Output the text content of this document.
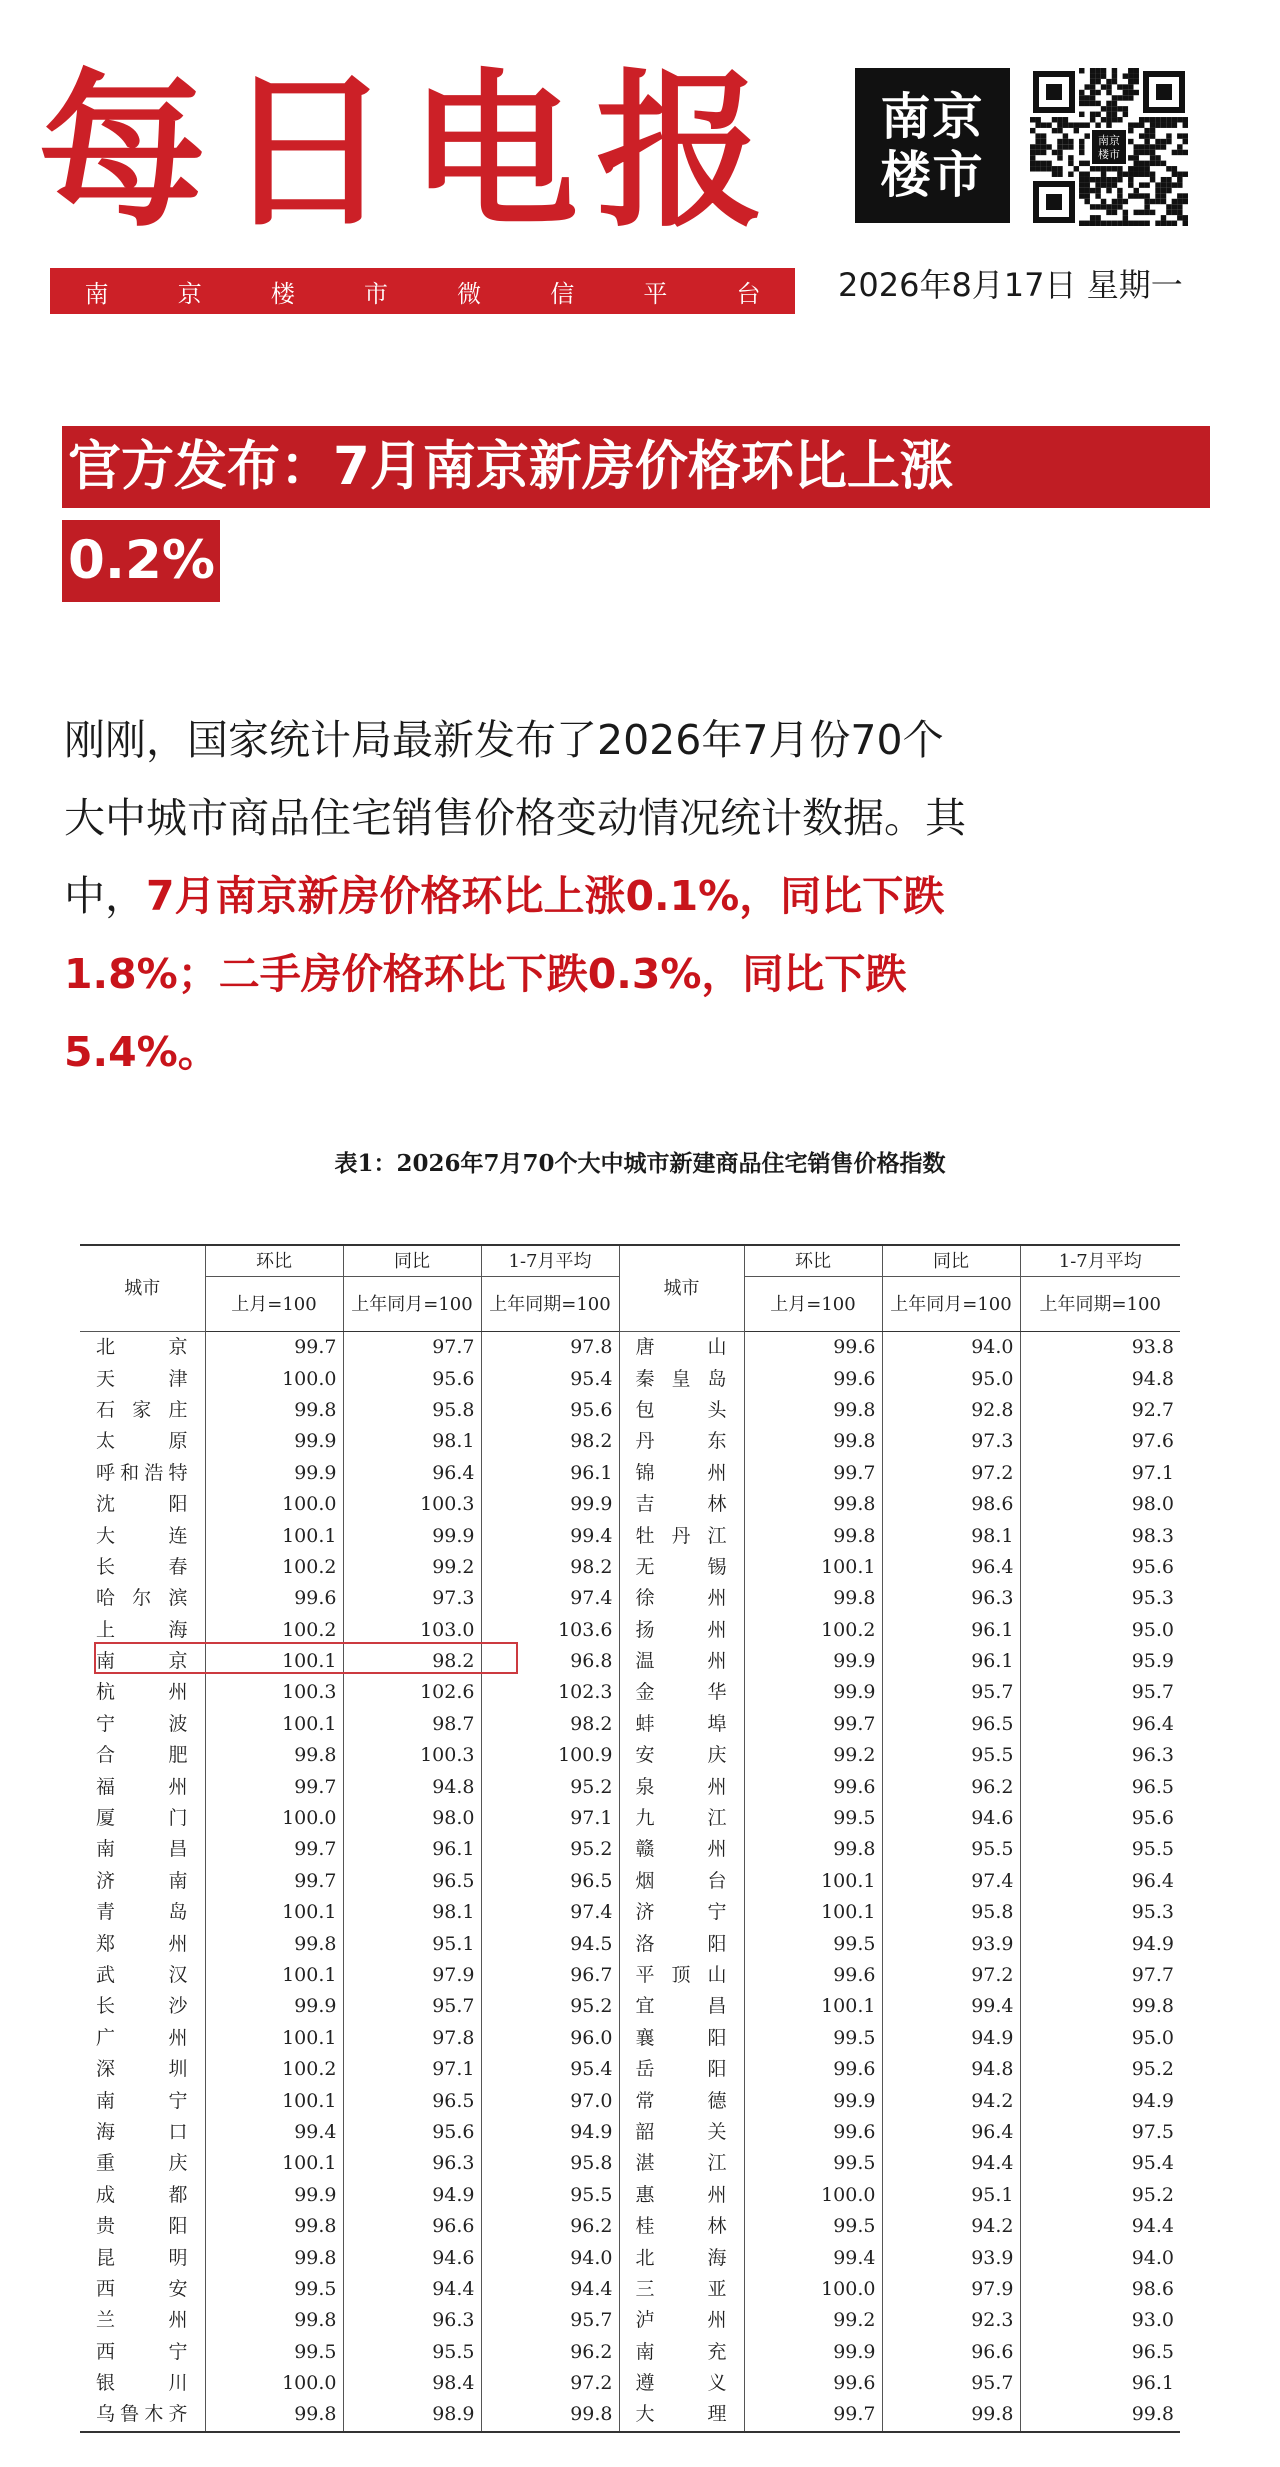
每日电报
南	京	楼	市	微	信	平	台
南京
楼市
南京
楼市
2026年8月17日 星期一
官方发布：7月南京新房价格环比上涨
0.2%
刚刚，国家统计局最新发布了2026年7月份70个
大中城市商品住宅销售价格变动情况统计数据。其
中，7月南京新房价格环比上涨0.1%，同比下跌
1.8%；二手房价格环比下跌0.3%，同比下跌
5.4%。
表1：2026年7月70个大中城市新建商品住宅销售价格指数
城市	环比	同比	1-7月平均	城市	环比	同比	1-7月平均
	上月=100	上年同月=100	上年同期=100		上月=100	上年同月=100	上年同期=100
北京	99.7	97.7	97.8	唐山	99.6	94.0	93.8
天津	100.0	95.6	95.4	秦皇岛	99.6	95.0	94.8
石家庄	99.8	95.8	95.6	包头	99.8	92.8	92.7
太原	99.9	98.1	98.2	丹东	99.8	97.3	97.6
呼和浩特	99.9	96.4	96.1	锦州	99.7	97.2	97.1
沈阳	100.0	100.3	99.9	吉林	99.8	98.6	98.0
大连	100.1	99.9	99.4	牡丹江	99.8	98.1	98.3
长春	100.2	99.2	98.2	无锡	100.1	96.4	95.6
哈尔滨	99.6	97.3	97.4	徐州	99.8	96.3	95.3
上海	100.2	103.0	103.6	扬州	100.2	96.1	95.0
南京	100.1	98.2	96.8	温州	99.9	96.1	95.9
杭州	100.3	102.6	102.3	金华	99.9	95.7	95.7
宁波	100.1	98.7	98.2	蚌埠	99.7	96.5	96.4
合肥	99.8	100.3	100.9	安庆	99.2	95.5	96.3
福州	99.7	94.8	95.2	泉州	99.6	96.2	96.5
厦门	100.0	98.0	97.1	九江	99.5	94.6	95.6
南昌	99.7	96.1	95.2	赣州	99.8	95.5	95.5
济南	99.7	96.5	96.5	烟台	100.1	97.4	96.4
青岛	100.1	98.1	97.4	济宁	100.1	95.8	95.3
郑州	99.8	95.1	94.5	洛阳	99.5	93.9	94.9
武汉	100.1	97.9	96.7	平顶山	99.6	97.2	97.7
长沙	99.9	95.7	95.2	宜昌	100.1	99.4	99.8
广州	100.1	97.8	96.0	襄阳	99.5	94.9	95.0
深圳	100.2	97.1	95.4	岳阳	99.6	94.8	95.2
南宁	100.1	96.5	97.0	常德	99.9	94.2	94.9
海口	99.4	95.6	94.9	韶关	99.6	96.4	97.5
重庆	100.1	96.3	95.8	湛江	99.5	94.4	95.4
成都	99.9	94.9	95.5	惠州	100.0	95.1	95.2
贵阳	99.8	96.6	96.2	桂林	99.5	94.2	94.4
昆明	99.8	94.6	94.0	北海	99.4	93.9	94.0
西安	99.5	94.4	94.4	三亚	100.0	97.9	98.6
兰州	99.8	96.3	95.7	泸州	99.2	92.3	93.0
西宁	99.5	95.5	96.2	南充	99.9	96.6	96.5
银川	100.0	98.4	97.2	遵义	99.6	95.7	96.1
乌鲁木齐	99.8	98.9	99.8	大理	99.7	99.8	99.8
